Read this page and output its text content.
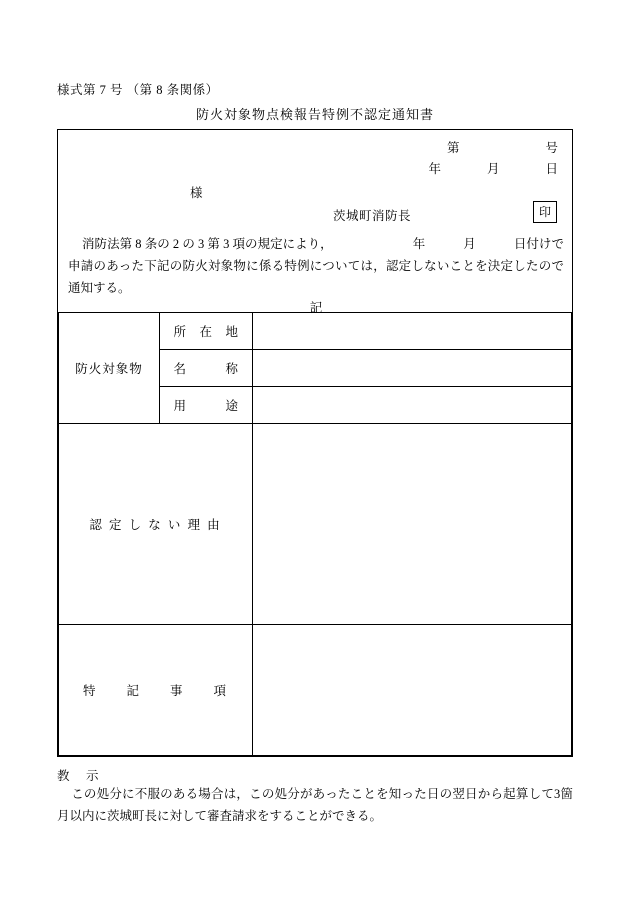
様式第 7 号 （第 8 条関係）
防火対象物点検報告特例不認定通知書
第	号
年	月	日
様
茨城町消防長	印
消防法第 8 条の 2 の 3 第 3 項の規定により，	年	月	日付けで申請のあった下記の防火対象物に係る特例については，認定しないことを決定したので通知する。
記
防火対象物	所　在　地	
	名　　　称	
	用　　　途	
認 定 し な い 理 由		
特　　記　　事　　項		
教　示
この処分に不服のある場合は，この処分があったことを知った日の翌日から起算して3箇月以内に茨城町長に対して審査請求をすることができる。
